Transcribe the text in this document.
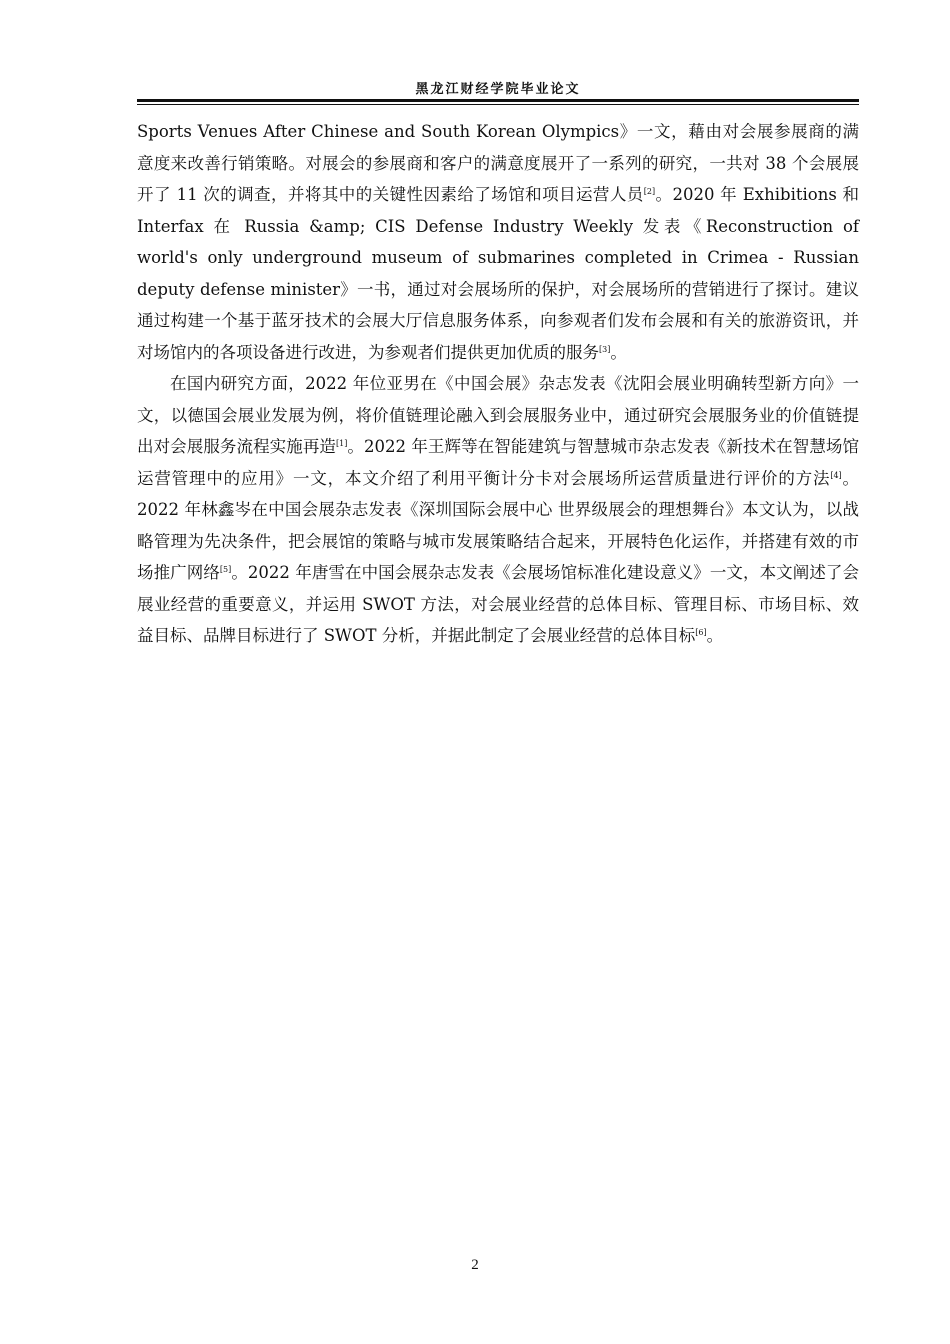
黑龙江财经学院毕业论文

Sports Venues After Chinese and South Korean Olympics》一文，藉由对会展参展商的满意度来改善行销策略。对展会的参展商和客户的满意度展开了一系列的研究，一共对 38 个会展展开了 11 次的调查，并将其中的关键性因素给了场馆和项目运营人员[2]。2020 年 Exhibitions 和 Interfax 在 Russia &amp; CIS Defense Industry Weekly 发表《Reconstruction of world's only underground museum of submarines completed in Crimea - Russian deputy defense minister》一书，通过对会展场所的保护，对会展场所的营销进行了探讨。建议通过构建一个基于蓝牙技术的会展大厅信息服务体系，向参观者们发布会展和有关的旅游资讯，并对场馆内的各项设备进行改进，为参观者们提供更加优质的服务[3]。

在国内研究方面，2022 年位亚男在《中国会展》杂志发表《沈阳会展业明确转型新方向》一文，以德国会展业发展为例，将价值链理论融入到会展服务业中，通过研究会展服务业的价值链提出对会展服务流程实施再造[1]。2022 年王辉等在智能建筑与智慧城市杂志发表《新技术在智慧场馆运营管理中的应用》一文，本文介绍了利用平衡计分卡对会展场所运营质量进行评价的方法[4]。2022 年林鑫岑在中国会展杂志发表《深圳国际会展中心 世界级展会的理想舞台》本文认为，以战略管理为先决条件，把会展馆的策略与城市发展策略结合起来，开展特色化运作，并搭建有效的市场推广网络[5]。2022 年唐雪在中国会展杂志发表《会展场馆标准化建设意义》一文，本文阐述了会展业经营的重要意义，并运用 SWOT 方法，对会展业经营的总体目标、管理目标、市场目标、效益目标、品牌目标进行了 SWOT 分析，并据此制定了会展业经营的总体目标[6]。

2
